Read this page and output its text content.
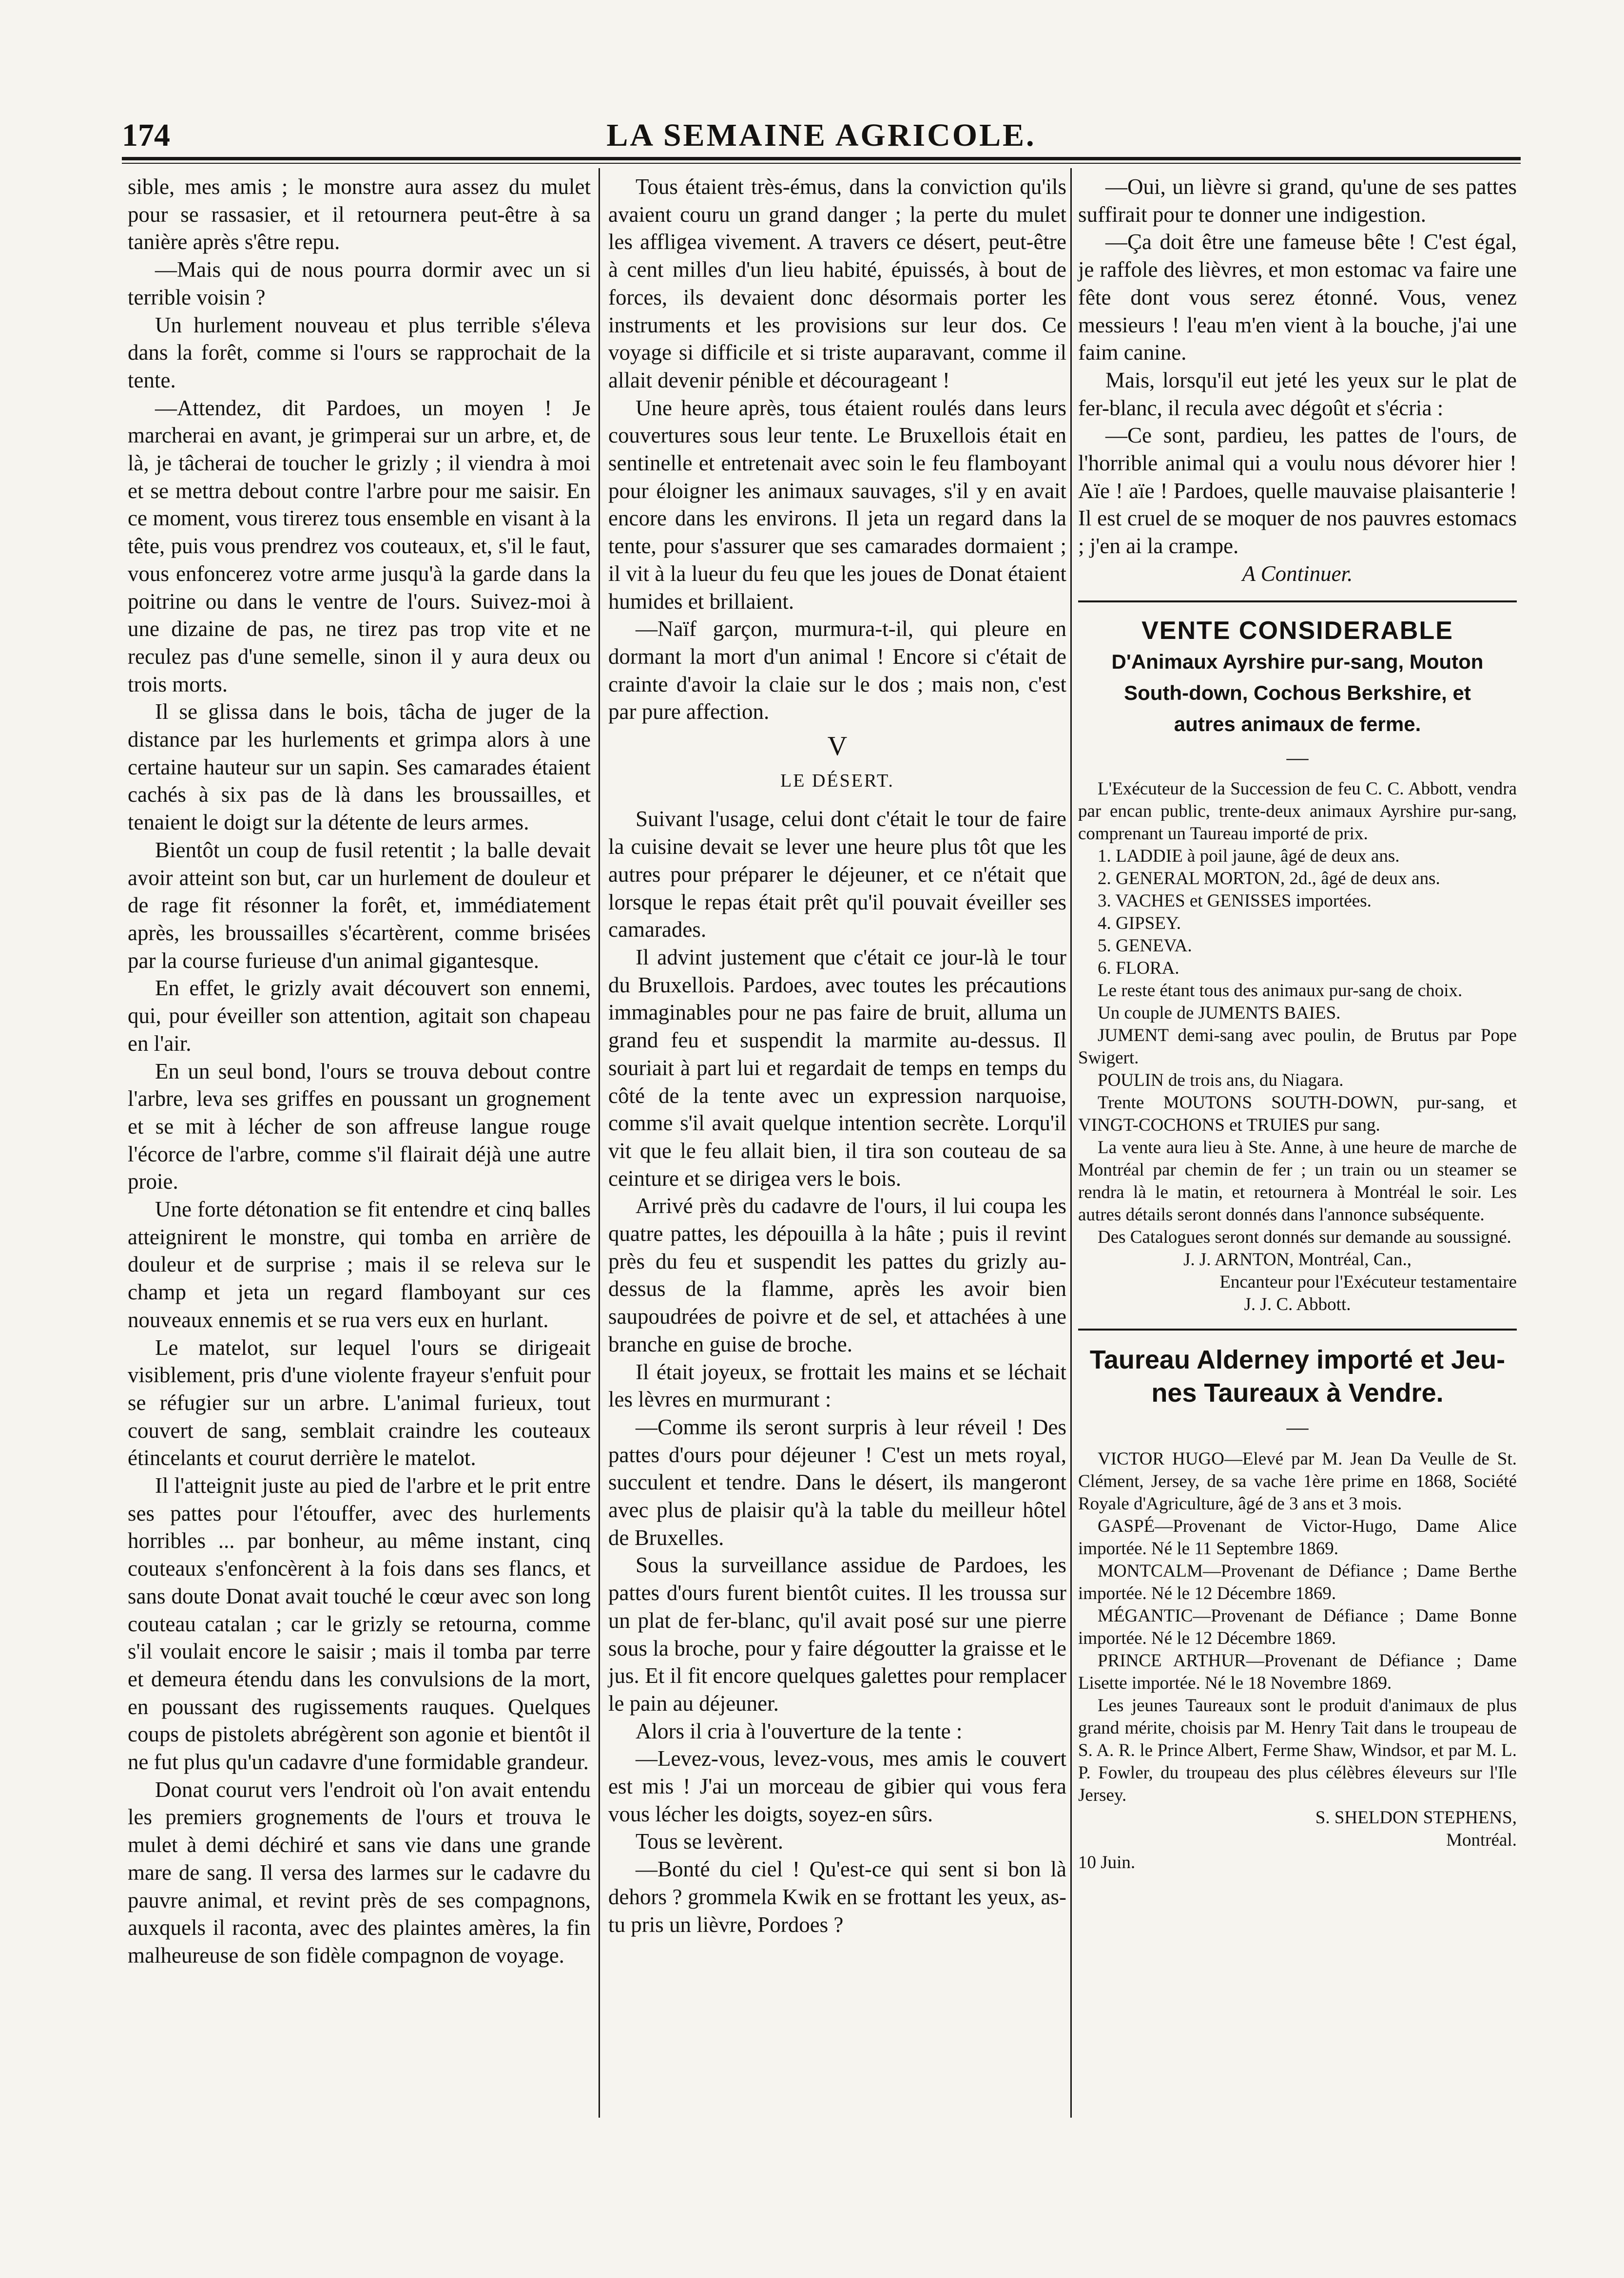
174	LA SEMAINE AGRICOLE.

sible, mes amis ; le monstre aura assez du mulet pour se rassasier, et il retournera peut-être à sa tanière après s'être repu.

—Mais qui de nous pourra dormir avec un si terrible voisin ?

Un hurlement nouveau et plus terrible s'éleva dans la forêt, comme si l'ours se rapprochait de la tente.

—Attendez, dit Pardoes, un moyen ! Je marcherai en avant, je grimperai sur un arbre, et, de là, je tâcherai de toucher le grizly ; il viendra à moi et se mettra debout contre l'arbre pour me saisir. En ce moment, vous tirerez tous ensemble en visant à la tête, puis vous prendrez vos couteaux, et, s'il le faut, vous enfoncerez votre arme jusqu'à la garde dans la poitrine ou dans le ventre de l'ours. Suivez-moi à une dizaine de pas, ne tirez pas trop vite et ne reculez pas d'une semelle, sinon il y aura deux ou trois morts.

Il se glissa dans le bois, tâcha de juger de la distance par les hurlements et grimpa alors à une certaine hauteur sur un sapin. Ses camarades étaient cachés à six pas de là dans les broussailles, et tenaient le doigt sur la détente de leurs armes.

Bientôt un coup de fusil retentit ; la balle devait avoir atteint son but, car un hurlement de douleur et de rage fit résonner la forêt, et, immédiatement après, les broussailles s'écartèrent, comme brisées par la course furieuse d'un animal gigantesque.

En effet, le grizly avait découvert son ennemi, qui, pour éveiller son attention, agitait son chapeau en l'air.

En un seul bond, l'ours se trouva debout contre l'arbre, leva ses griffes en poussant un grognement et se mit à lécher de son affreuse langue rouge l'écorce de l'arbre, comme s'il flairait déjà une autre proie.

Une forte détonation se fit entendre et cinq balles atteignirent le monstre, qui tomba en arrière de douleur et de surprise ; mais il se releva sur le champ et jeta un regard flamboyant sur ces nouveaux ennemis et se rua vers eux en hurlant.

Le matelot, sur lequel l'ours se dirigeait visiblement, pris d'une violente frayeur s'enfuit pour se réfugier sur un arbre. L'animal furieux, tout couvert de sang, semblait craindre les couteaux étincelants et courut derrière le matelot.

Il l'atteignit juste au pied de l'arbre et le prit entre ses pattes pour l'étouffer, avec des hurlements horribles ... par bonheur, au même instant, cinq couteaux s'enfoncèrent à la fois dans ses flancs, et sans doute Donat avait touché le cœur avec son long couteau catalan ; car le grizly se retourna, comme s'il voulait encore le saisir ; mais il tomba par terre et demeura étendu dans les convulsions de la mort, en poussant des rugissements rauques. Quelques coups de pistolets abrégèrent son agonie et bientôt il ne fut plus qu'un cadavre d'une formidable grandeur.

Donat courut vers l'endroit où l'on avait entendu les premiers grognements de l'ours et trouva le mulet à demi déchiré et sans vie dans une grande mare de sang. Il versa des larmes sur le cadavre du pauvre animal, et revint près de ses compagnons, auxquels il raconta, avec des plaintes amères, la fin malheureuse de son fidèle compagnon de voyage.

Tous étaient très-émus, dans la conviction qu'ils avaient couru un grand danger ; la perte du mulet les affligea vivement. A travers ce désert, peut-être à cent milles d'un lieu habité, épuissés, à bout de forces, ils devaient donc désormais porter les instruments et les provisions sur leur dos. Ce voyage si difficile et si triste auparavant, comme il allait devenir pénible et décourageant !

Une heure après, tous étaient roulés dans leurs couvertures sous leur tente. Le Bruxellois était en sentinelle et entretenait avec soin le feu flamboyant pour éloigner les animaux sauvages, s'il y en avait encore dans les environs. Il jeta un regard dans la tente, pour s'assurer que ses camarades dormaient ; il vit à la lueur du feu que les joues de Donat étaient humides et brillaient.

—Naïf garçon, murmura-t-il, qui pleure en dormant la mort d'un animal ! Encore si c'était de crainte d'avoir la claie sur le dos ; mais non, c'est par pure affection.

V
LE DÉSERT.

Suivant l'usage, celui dont c'était le tour de faire la cuisine devait se lever une heure plus tôt que les autres pour préparer le déjeuner, et ce n'était que lorsque le repas était prêt qu'il pouvait éveiller ses camarades.

Il advint justement que c'était ce jour-là le tour du Bruxellois. Pardoes, avec toutes les précautions immaginables pour ne pas faire de bruit, alluma un grand feu et suspendit la marmite au-dessus. Il souriait à part lui et regardait de temps en temps du côté de la tente avec un expression narquoise, comme s'il avait quelque intention secrète. Lorqu'il vit que le feu allait bien, il tira son couteau de sa ceinture et se dirigea vers le bois.

Arrivé près du cadavre de l'ours, il lui coupa les quatre pattes, les dépouilla à la hâte ; puis il revint près du feu et suspendit les pattes du grizly au-dessus de la flamme, après les avoir bien saupoudrées de poivre et de sel, et attachées à une branche en guise de broche.

Il était joyeux, se frottait les mains et se léchait les lèvres en murmurant :

—Comme ils seront surpris à leur réveil ! Des pattes d'ours pour déjeuner ! C'est un mets royal, succulent et tendre. Dans le désert, ils mangeront avec plus de plaisir qu'à la table du meilleur hôtel de Bruxelles.

Sous la surveillance assidue de Pardoes, les pattes d'ours furent bientôt cuites. Il les troussa sur un plat de fer-blanc, qu'il avait posé sur une pierre sous la broche, pour y faire dégoutter la graisse et le jus. Et il fit encore quelques galettes pour remplacer le pain au déjeuner.

Alors il cria à l'ouverture de la tente :

—Levez-vous, levez-vous, mes amis le couvert est mis ! J'ai un morceau de gibier qui vous fera vous lécher les doigts, soyez-en sûrs.

Tous se levèrent.

—Bonté du ciel ! Qu'est-ce qui sent si bon là dehors ? grommela Kwik en se frottant les yeux, as-tu pris un lièvre, Pordoes ?

—Oui, un lièvre si grand, qu'une de ses pattes suffirait pour te donner une indigestion.

—Ça doit être une fameuse bête ! C'est égal, je raffole des lièvres, et mon estomac va faire une fête dont vous serez étonné. Vous, venez messieurs ! l'eau m'en vient à la bouche, j'ai une faim canine.

Mais, lorsqu'il eut jeté les yeux sur le plat de fer-blanc, il recula avec dégoût et s'écria :

—Ce sont, pardieu, les pattes de l'ours, de l'horrible animal qui a voulu nous dévorer hier ! Aïe ! aïe ! Pardoes, quelle mauvaise plaisanterie ! Il est cruel de se moquer de nos pauvres estomacs ; j'en ai la crampe.

A Continuer.
VENTE CONSIDERABLE
D'Animaux Ayrshire pur-sang, Mouton
South-down, Cochous Berkshire, et
autres animaux de ferme.
—

L'Exécuteur de la Succession de feu C. C. Abbott, vendra par encan public, trente-deux animaux Ayrshire pur-sang, comprenant un Taureau importé de prix.

1. LADDIE à poil jaune, âgé de deux ans.
2. GENERAL MORTON, 2d., âgé de deux ans.
3. VACHES et GENISSES importées.
4. GIPSEY.
5. GENEVA.
6. FLORA.

Le reste étant tous des animaux pur-sang de choix.

Un couple de JUMENTS BAIES.

JUMENT demi-sang avec poulin, de Brutus par Pope Swigert.

POULIN de trois ans, du Niagara.

Trente MOUTONS SOUTH-DOWN, pur-sang, et VINGT-COCHONS et TRUIES pur sang.

La vente aura lieu à Ste. Anne, à une heure de marche de Montréal par chemin de fer ; un train ou un steamer se rendra là le matin, et retournera à Montréal le soir. Les autres détails seront donnés dans l'annonce subséquente.

Des Catalogues seront donnés sur demande au soussigné.

J. J. ARNTON, Montréal, Can.,
Encanteur pour l'Exécuteur testamentaire
J. J. C. Abbott.
Taureau Alderney importé et Jeu-
nes Taureaux à Vendre.
—

VICTOR HUGO—Elevé par M. Jean Da Veulle de St. Clément, Jersey, de sa vache 1ère prime en 1868, Société Royale d'Agriculture, âgé de 3 ans et 3 mois.

GASPÉ—Provenant de Victor-Hugo, Dame Alice importée. Né le 11 Septembre 1869.

MONTCALM—Provenant de Défiance ; Dame Berthe importée. Né le 12 Décembre 1869.

MÉGANTIC—Provenant de Défiance ; Dame Bonne importée. Né le 12 Décembre 1869.

PRINCE ARTHUR—Provenant de Défiance ; Dame Lisette importée. Né le 18 Novembre 1869.

Les jeunes Taureaux sont le produit d'animaux de plus grand mérite, choisis par M. Henry Tait dans le troupeau de S. A. R. le Prince Albert, Ferme Shaw, Windsor, et par M. L. P. Fowler, du troupeau des plus célèbres éleveurs sur l'Ile Jersey.

S. SHELDON STEPHENS,
Montréal.
10 Juin.
